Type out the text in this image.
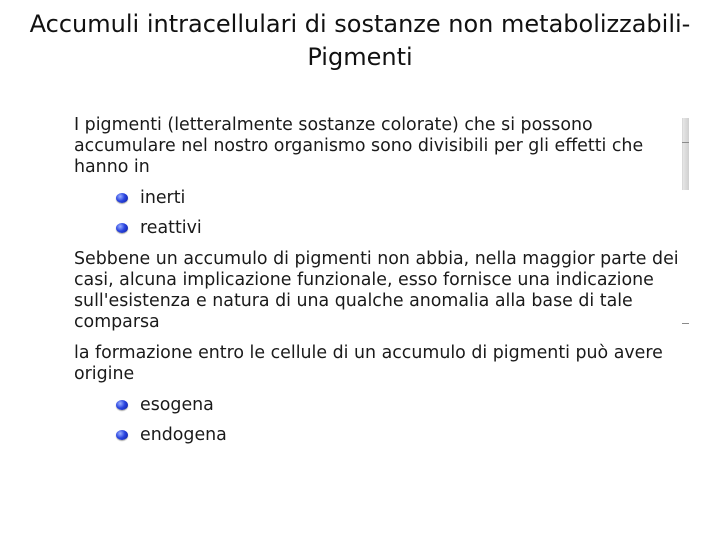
Accumuli intracellulari di sostanze non metabolizzabili-
Pigmenti

I pigmenti (letteralmente sostanze colorate) che si possono accumulare nel nostro organismo sono divisibili per gli effetti che hanno in

inerti
reattivi

Sebbene un accumulo di pigmenti non abbia, nella maggior parte dei casi, alcuna implicazione funzionale, esso fornisce una indicazione sull'esistenza e natura di una qualche anomalia alla base di tale comparsa

la formazione entro le cellule di un accumulo di pigmenti può avere origine

esogena
endogena
